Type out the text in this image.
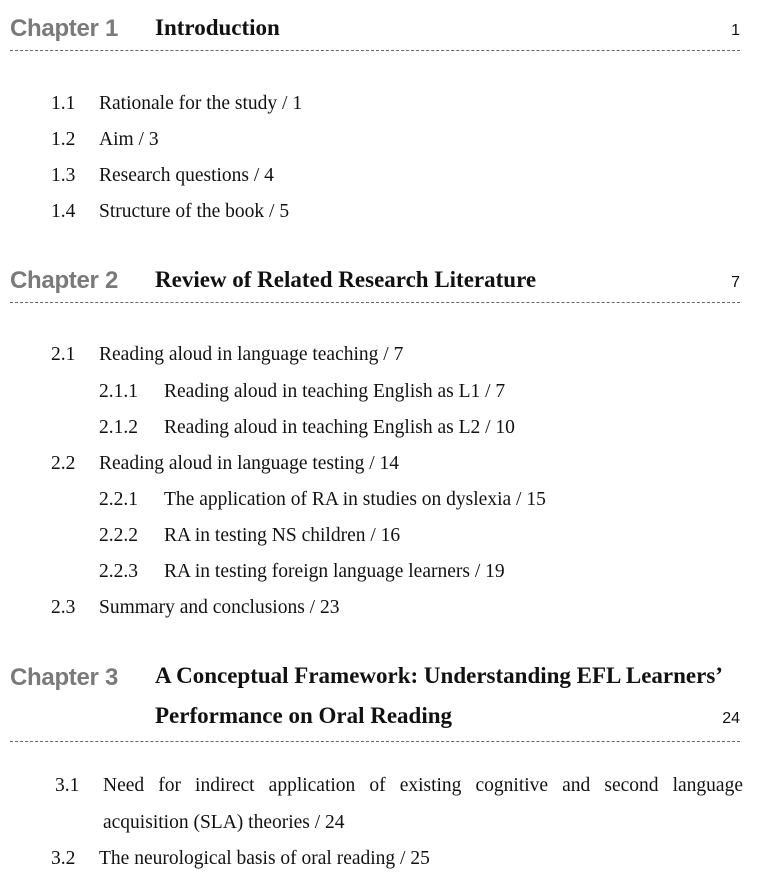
Chapter 1 Introduction	1
1.1 Rationale for the study / 1
1.2 Aim / 3
1.3 Research questions / 4
1.4 Structure of the book / 5
Chapter 2 Review of Related Research Literature	7
2.1 Reading aloud in language teaching / 7
2.1.1 Reading aloud in teaching English as L1 / 7
2.1.2 Reading aloud in teaching English as L2 / 10
2.2 Reading aloud in language testing / 14
2.2.1 The application of RA in studies on dyslexia / 15
2.2.2 RA in testing NS children / 16
2.2.3 RA in testing foreign language learners / 19
2.3 Summary and conclusions / 23
Chapter 3 A Conceptual Framework: Understanding EFL Learners’
Performance on Oral Reading	24
3.1 Need for indirect application of existing cognitive and second language
acquisition (SLA) theories / 24
3.2 The neurological basis of oral reading / 25
